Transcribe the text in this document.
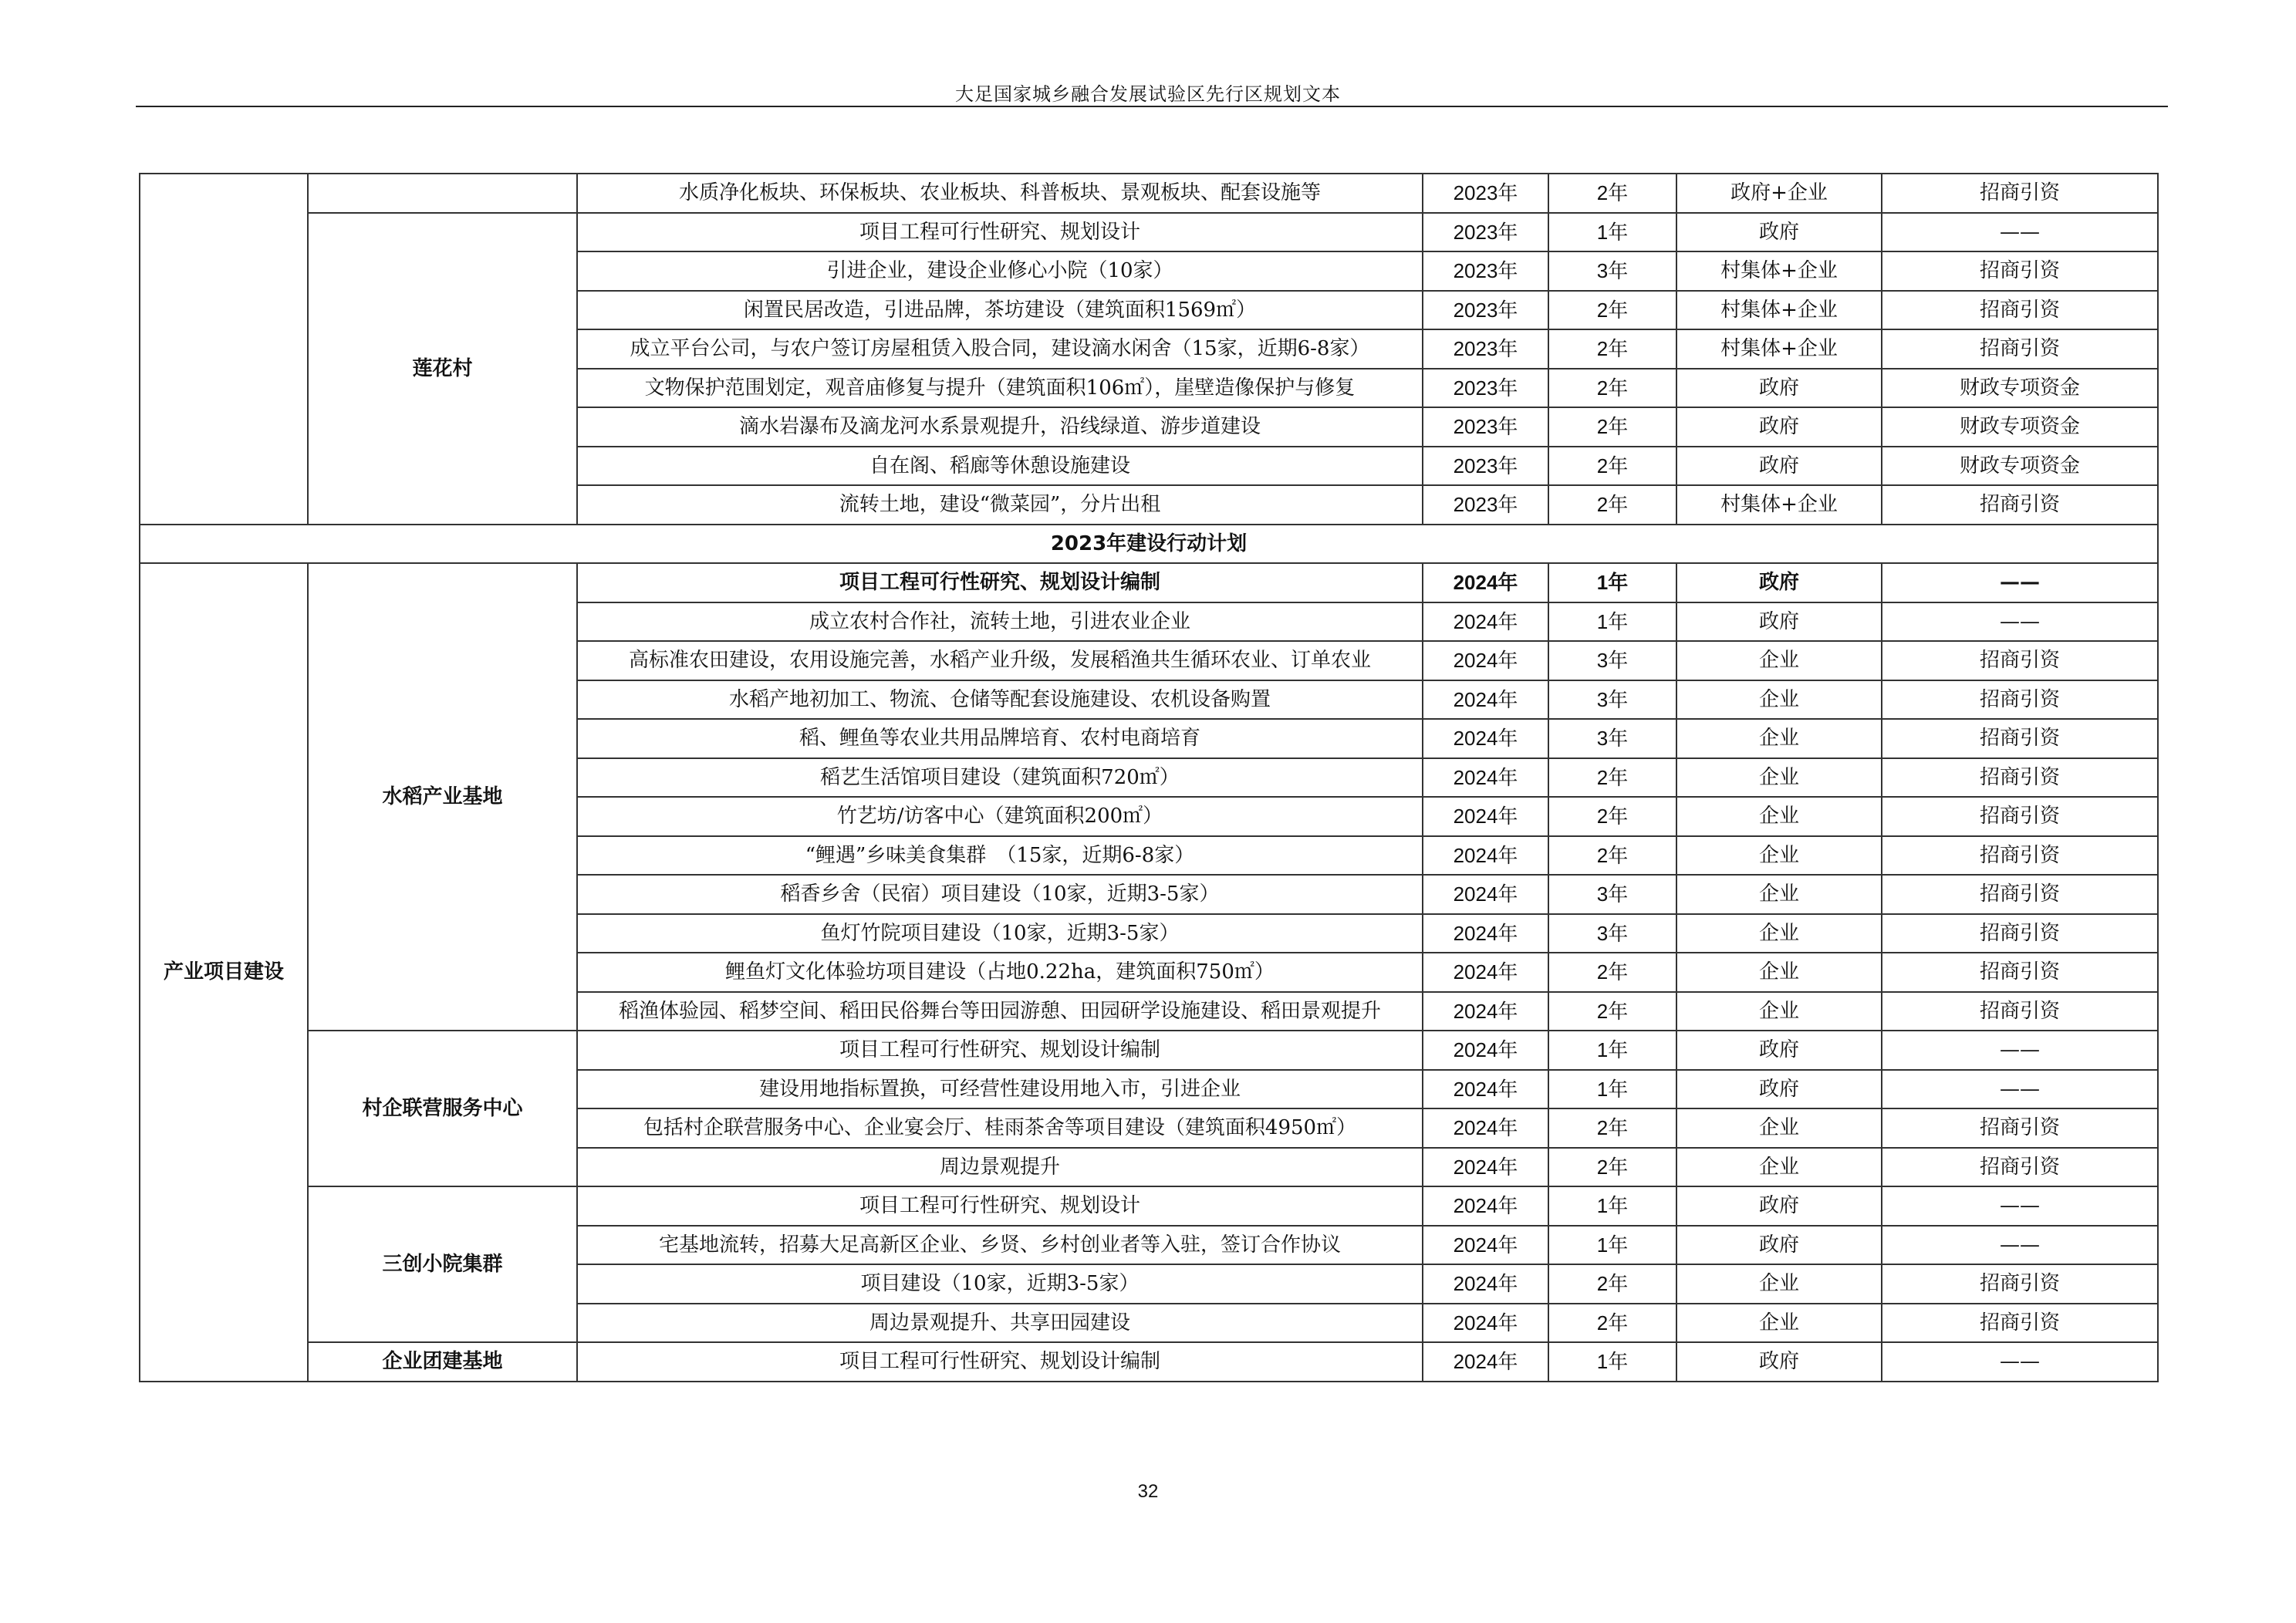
大足国家城乡融合发展试验区先行区规划文本
		水质净化板块、环保板块、农业板块、科普板块、景观板块、配套设施等	2023年	2年	政府+企业	招商引资
	莲花村	项目工程可行性研究、规划设计	2023年	1年	政府	——
		引进企业，建设企业修心小院（10家）	2023年	3年	村集体+企业	招商引资
		闲置民居改造，引进品牌，茶坊建设（建筑面积1569㎡）	2023年	2年	村集体+企业	招商引资
		成立平台公司，与农户签订房屋租赁入股合同，建设滴水闲舍（15家，近期6-8家）	2023年	2年	村集体+企业	招商引资
		文物保护范围划定，观音庙修复与提升（建筑面积106㎡），崖壁造像保护与修复	2023年	2年	政府	财政专项资金
		滴水岩瀑布及滴龙河水系景观提升，沿线绿道、游步道建设	2023年	2年	政府	财政专项资金
		自在阁、稻廊等休憩设施建设	2023年	2年	政府	财政专项资金
		流转土地，建设“微菜园”，分片出租	2023年	2年	村集体+企业	招商引资
2023年建设行动计划						
产业项目建设	水稻产业基地	项目工程可行性研究、规划设计编制	2024年	1年	政府	——
		成立农村合作社，流转土地，引进农业企业	2024年	1年	政府	——
		高标准农田建设，农用设施完善，水稻产业升级，发展稻渔共生循环农业、订单农业	2024年	3年	企业	招商引资
		水稻产地初加工、物流、仓储等配套设施建设、农机设备购置	2024年	3年	企业	招商引资
		稻、鲤鱼等农业共用品牌培育、农村电商培育	2024年	3年	企业	招商引资
		稻艺生活馆项目建设（建筑面积720㎡）	2024年	2年	企业	招商引资
		竹艺坊/访客中心（建筑面积200㎡）	2024年	2年	企业	招商引资
		“鲤遇”乡味美食集群　（15家，近期6-8家）	2024年	2年	企业	招商引资
		稻香乡舍（民宿）项目建设（10家，近期3-5家）	2024年	3年	企业	招商引资
		鱼灯竹院项目建设（10家，近期3-5家）	2024年	3年	企业	招商引资
		鲤鱼灯文化体验坊项目建设（占地0.22ha，建筑面积750㎡）	2024年	2年	企业	招商引资
		稻渔体验园、稻梦空间、稻田民俗舞台等田园游憩、田园研学设施建设、稻田景观提升	2024年	2年	企业	招商引资
	村企联营服务中心	项目工程可行性研究、规划设计编制	2024年	1年	政府	——
		建设用地指标置换，可经营性建设用地入市，引进企业	2024年	1年	政府	——
		包括村企联营服务中心、企业宴会厅、桂雨茶舍等项目建设（建筑面积4950㎡）	2024年	2年	企业	招商引资
		周边景观提升	2024年	2年	企业	招商引资
	三创小院集群	项目工程可行性研究、规划设计	2024年	1年	政府	——
		宅基地流转，招募大足高新区企业、乡贤、乡村创业者等入驻，签订合作协议	2024年	1年	政府	——
		项目建设（10家，近期3-5家）	2024年	2年	企业	招商引资
		周边景观提升、共享田园建设	2024年	2年	企业	招商引资
	企业团建基地	项目工程可行性研究、规划设计编制	2024年	1年	政府	——
32
